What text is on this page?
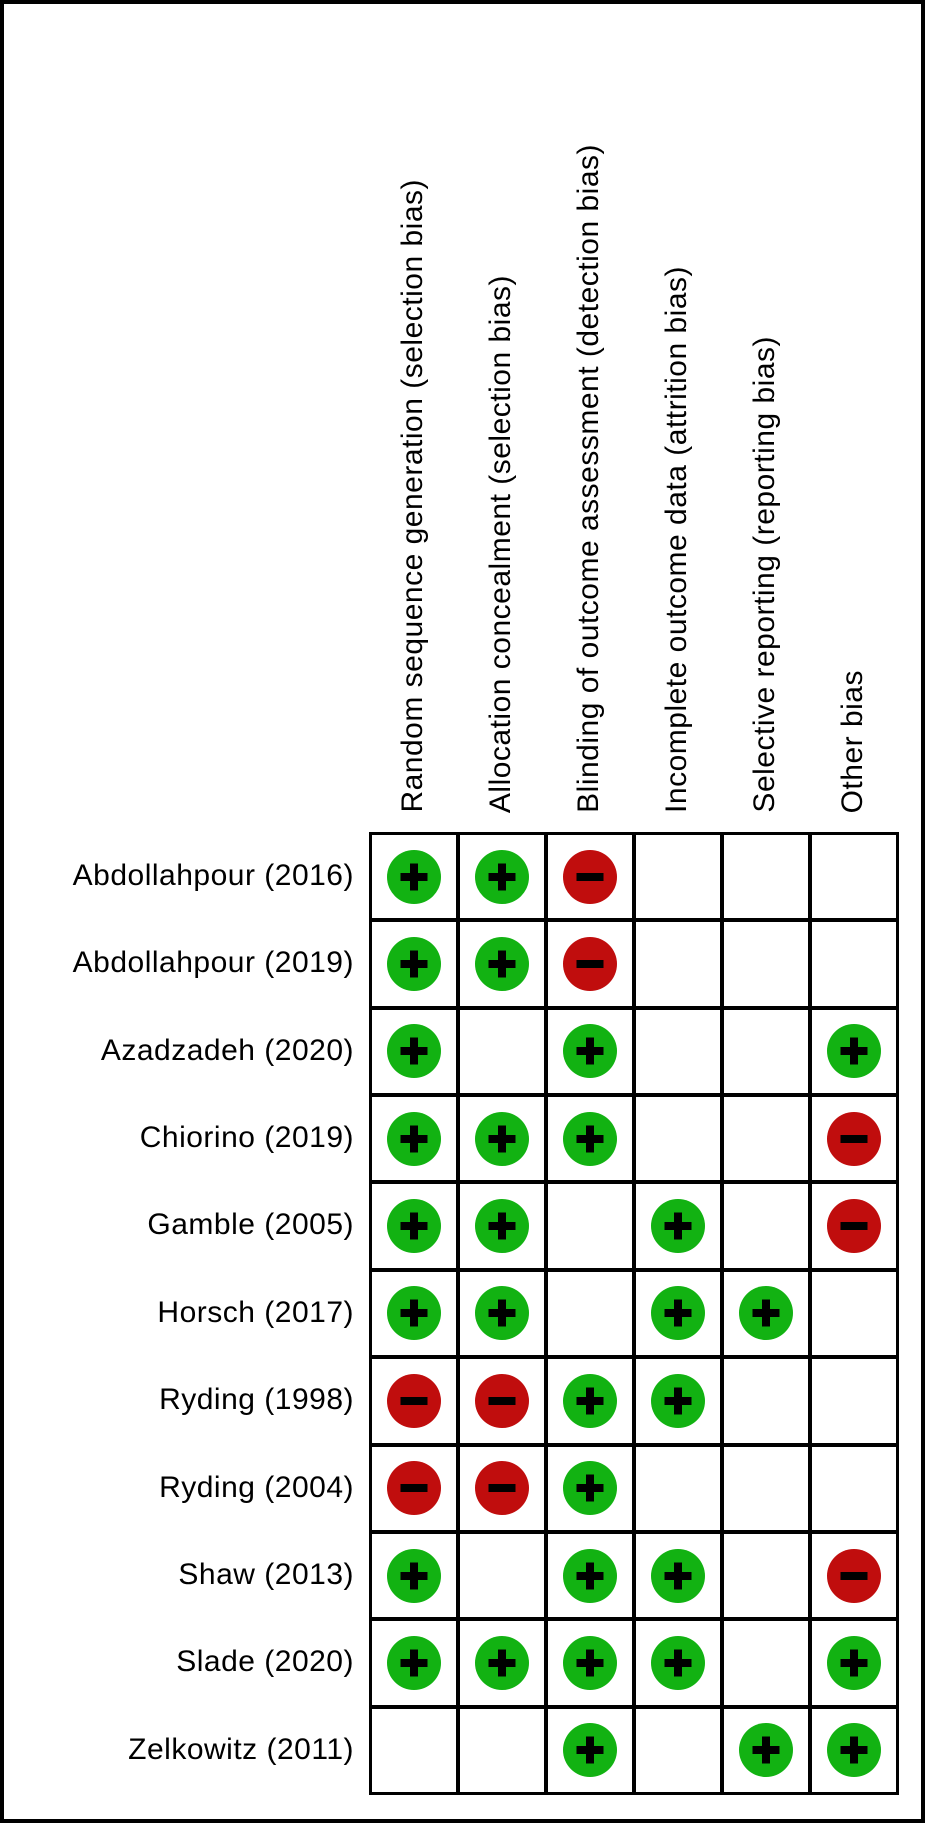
Random sequence generation (selection bias) Allocation concealment (selection bias) Blinding of outcome assessment (detection bias) Incomplete outcome data (attrition bias) Selective reporting (reporting bias) Other bias
Abdollahpour (2016)
Abdollahpour (2019)
Azadzadeh (2020)
Chiorino (2019)
Gamble (2005)
Horsch (2017)
Ryding (1998)
Ryding (2004)
Shaw (2013)
Slade (2020)
Zelkowitz (2011)
